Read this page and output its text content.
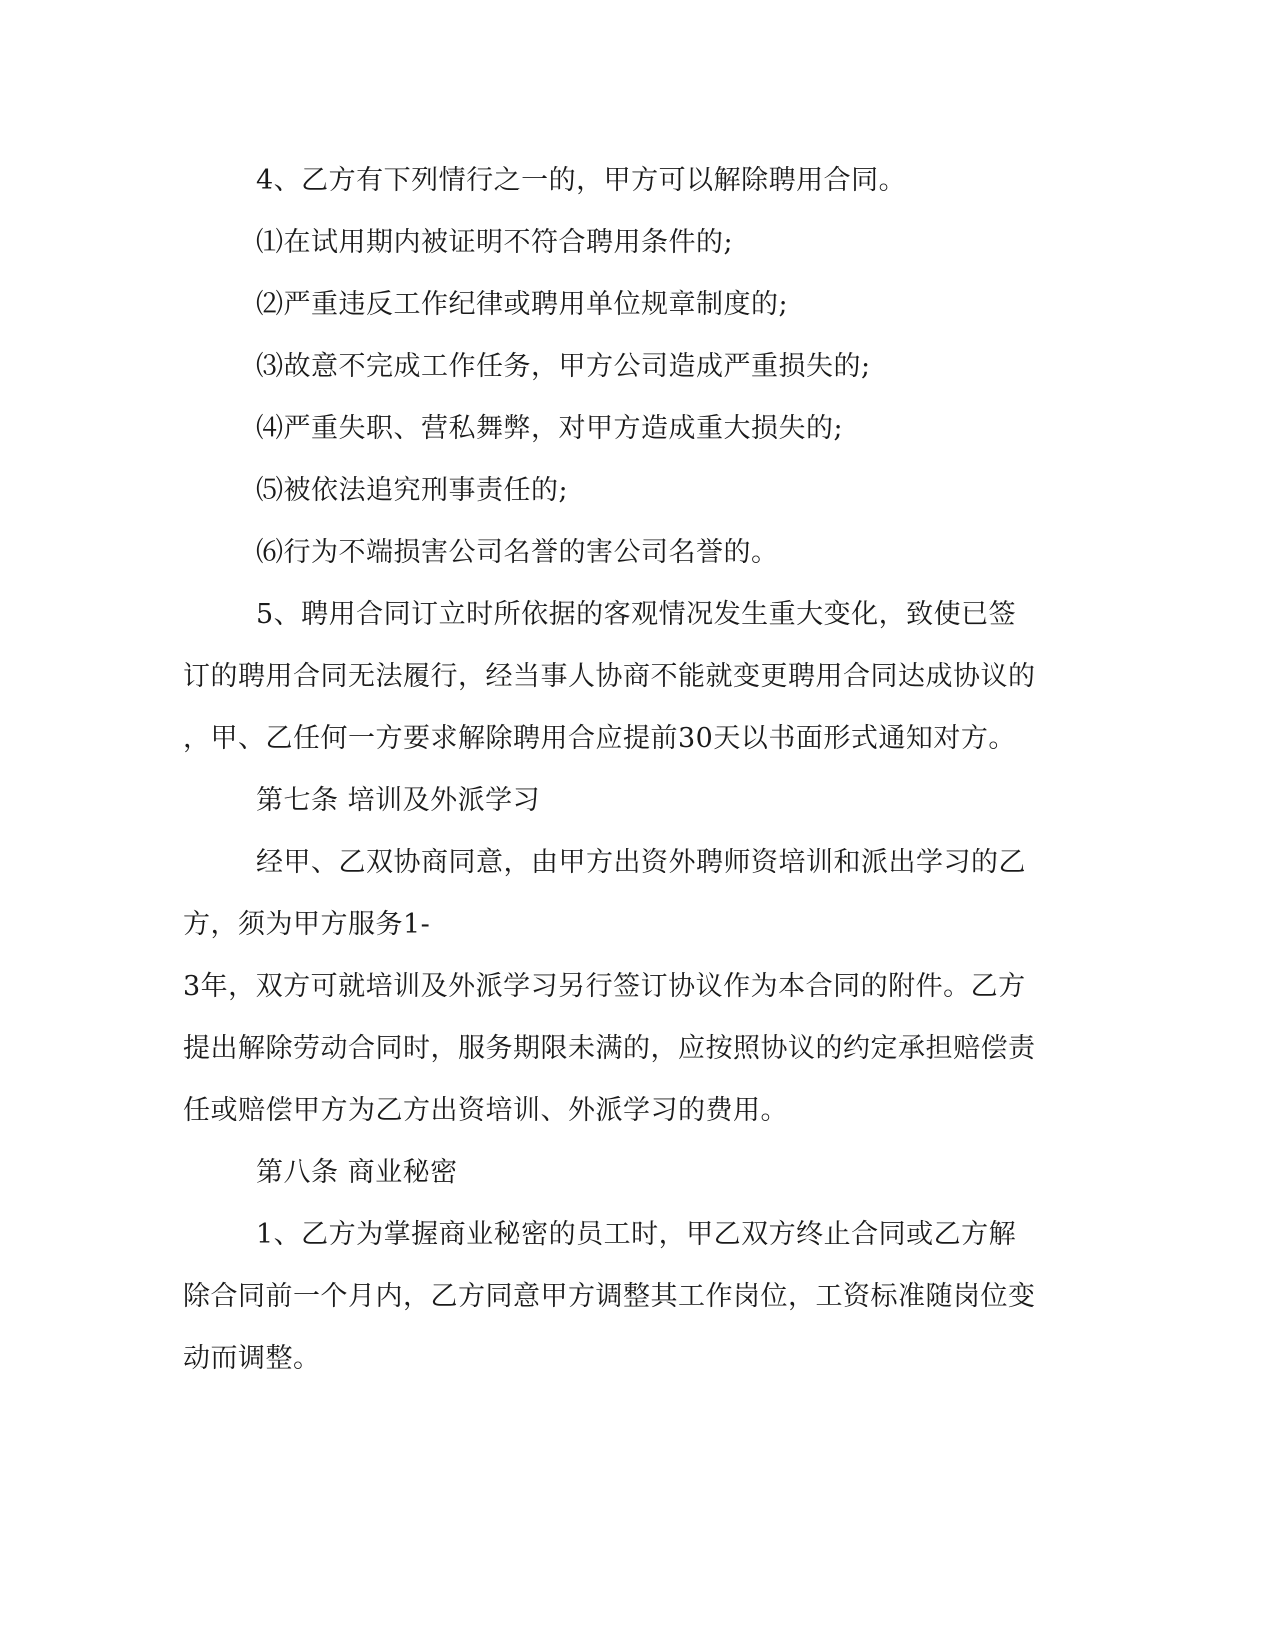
4、乙方有下列情行之一的，甲方可以解除聘用合同。

⑴在试用期内被证明不符合聘用条件的;

⑵严重违反工作纪律或聘用单位规章制度的;

⑶故意不完成工作任务，甲方公司造成严重损失的;

⑷严重失职、营私舞弊，对甲方造成重大损失的;

⑸被依法追究刑事责任的;

⑹行为不端损害公司名誉的害公司名誉的。

5、聘用合同订立时所依据的客观情况发生重大变化，致使已签

订的聘用合同无法履行，经当事人协商不能就变更聘用合同达成协议的

，甲、乙任何一方要求解除聘用合应提前30天以书面形式通知对方。

第七条 培训及外派学习

经甲、乙双协商同意，由甲方出资外聘师资培训和派出学习的乙

方，须为甲方服务1-

3年，双方可就培训及外派学习另行签订协议作为本合同的附件。乙方

提出解除劳动合同时，服务期限未满的，应按照协议的约定承担赔偿责

任或赔偿甲方为乙方出资培训、外派学习的费用。

第八条 商业秘密

1、乙方为掌握商业秘密的员工时，甲乙双方终止合同或乙方解

除合同前一个月内，乙方同意甲方调整其工作岗位，工资标准随岗位变

动而调整。
